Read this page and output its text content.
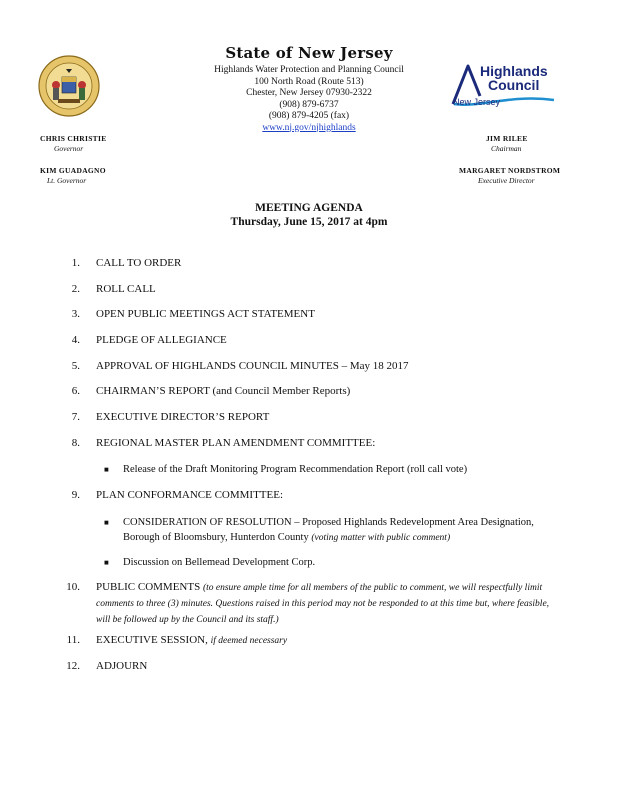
State of New Jersey
Highlands Water Protection and Planning Council
100 North Road (Route 513)
Chester, New Jersey 07930-2322
(908) 879-6737
(908) 879-4205 (fax)
www.nj.gov/njhighlands
Highlands
Council
New Jersey
CHRIS CHRISTIE
Governor
KIM GUADAGNO
Lt. Governor
JIM RILEE
Chairman
MARGARET NORDSTROM
Executive Director
MEETING AGENDA
Thursday, June 15, 2017 at 4pm
1. CALL TO ORDER
2. ROLL CALL
3. OPEN PUBLIC MEETINGS ACT STATEMENT
4. PLEDGE OF ALLEGIANCE
5. APPROVAL OF HIGHLANDS COUNCIL MINUTES – May 18 2017
6. CHAIRMAN’S REPORT (and Council Member Reports)
7. EXECUTIVE DIRECTOR’S REPORT
8. REGIONAL MASTER PLAN AMENDMENT COMMITTEE:
■ Release of the Draft Monitoring Program Recommendation Report (roll call vote)
9. PLAN CONFORMANCE COMMITTEE:
■ CONSIDERATION OF RESOLUTION – Proposed Highlands Redevelopment Area Designation, Borough of Bloomsbury, Hunterdon County (voting matter with public comment)
■ Discussion on Bellemead Development Corp.
10. PUBLIC COMMENTS (to ensure ample time for all members of the public to comment, we will respectfully limit comments to three (3) minutes. Questions raised in this period may not be responded to at this time but, where feasible, will be followed up by the Council and its staff.)
11. EXECUTIVE SESSION, if deemed necessary
12. ADJOURN
